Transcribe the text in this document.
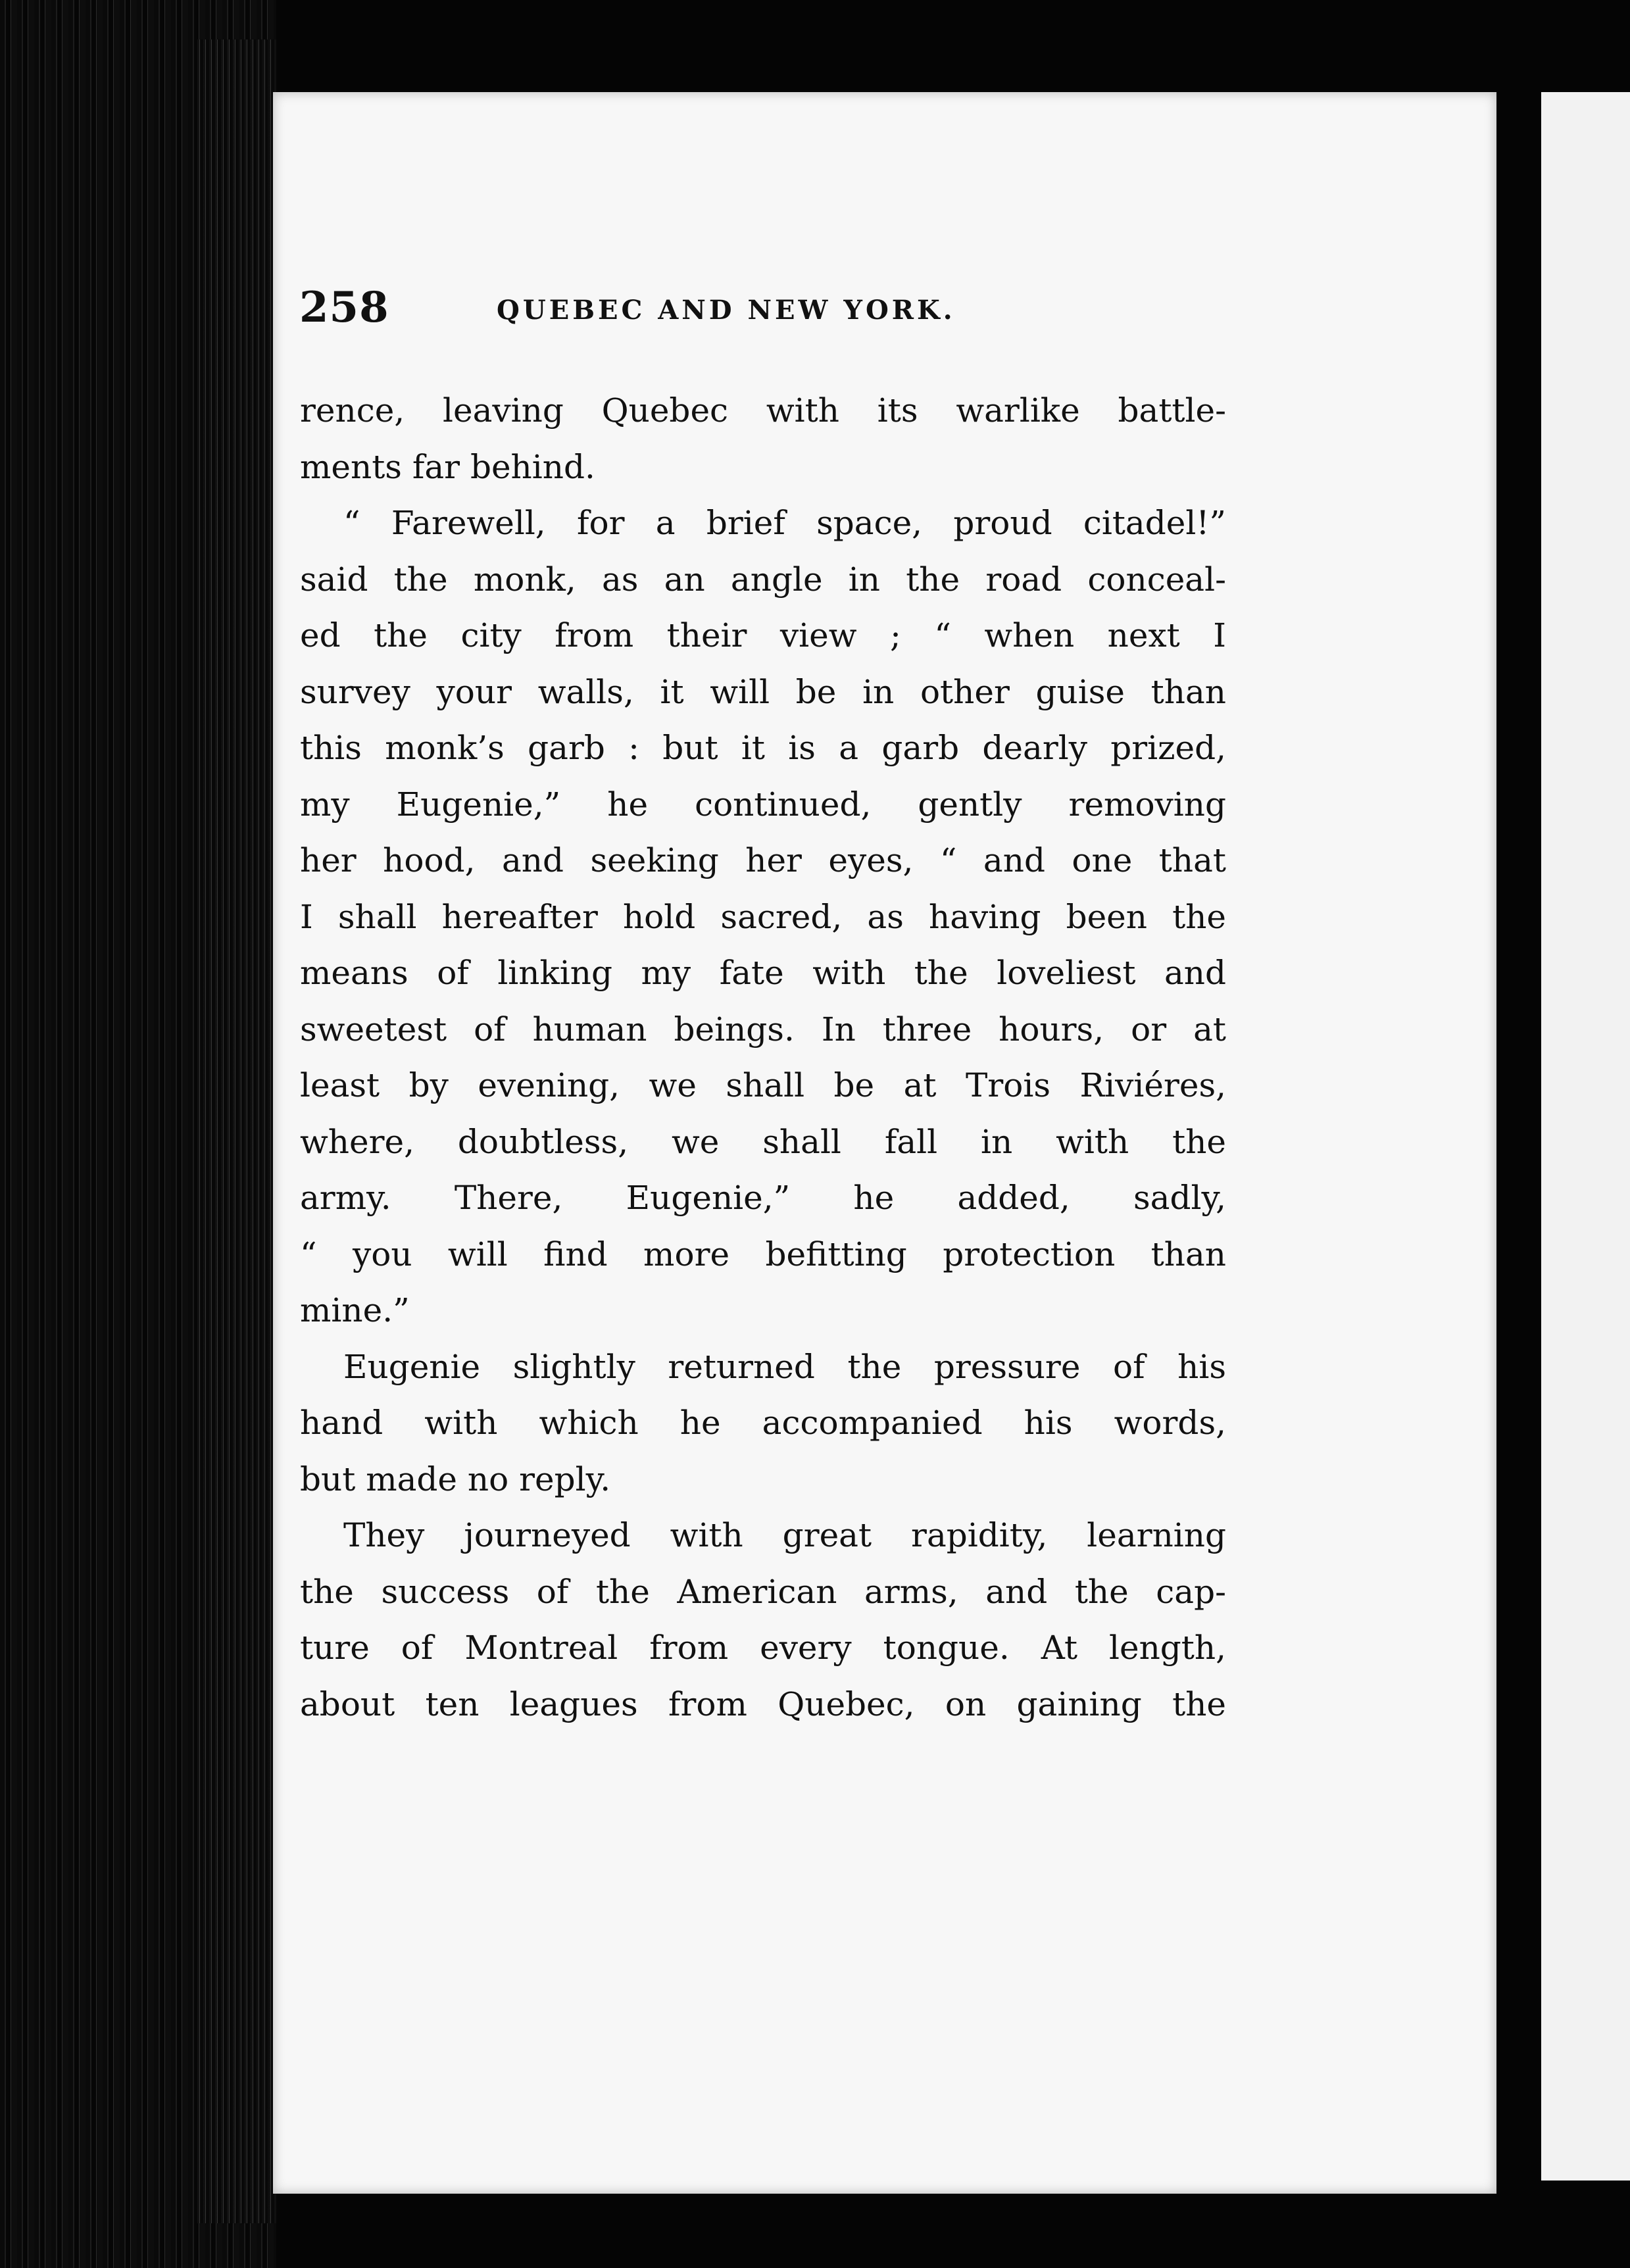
258	QUEBEC AND NEW YORK.
rence, leaving Quebec with its warlike battle-
ments far behind.
“ Farewell, for a brief space, proud citadel!”
said the monk, as an angle in the road conceal-
ed the city from their view ; “ when next I
survey your walls, it will be in other guise than
this monk’s garb : but it is a garb dearly prized,
my Eugenie,” he continued, gently removing
her hood, and seeking her eyes, “ and one that
I shall hereafter hold sacred, as having been the
means of linking my fate with the loveliest and
sweetest of human beings. In three hours, or at
least by evening, we shall be at Trois Riviéres,
where, doubtless, we shall fall in with the
army. There, Eugenie,” he added, sadly,
“ you will find more befitting protection than
mine.”
Eugenie slightly returned the pressure of his
hand with which he accompanied his words,
but made no reply.
They journeyed with great rapidity, learning
the success of the American arms, and the cap-
ture of Montreal from every tongue. At length,
about ten leagues from Quebec, on gaining the
